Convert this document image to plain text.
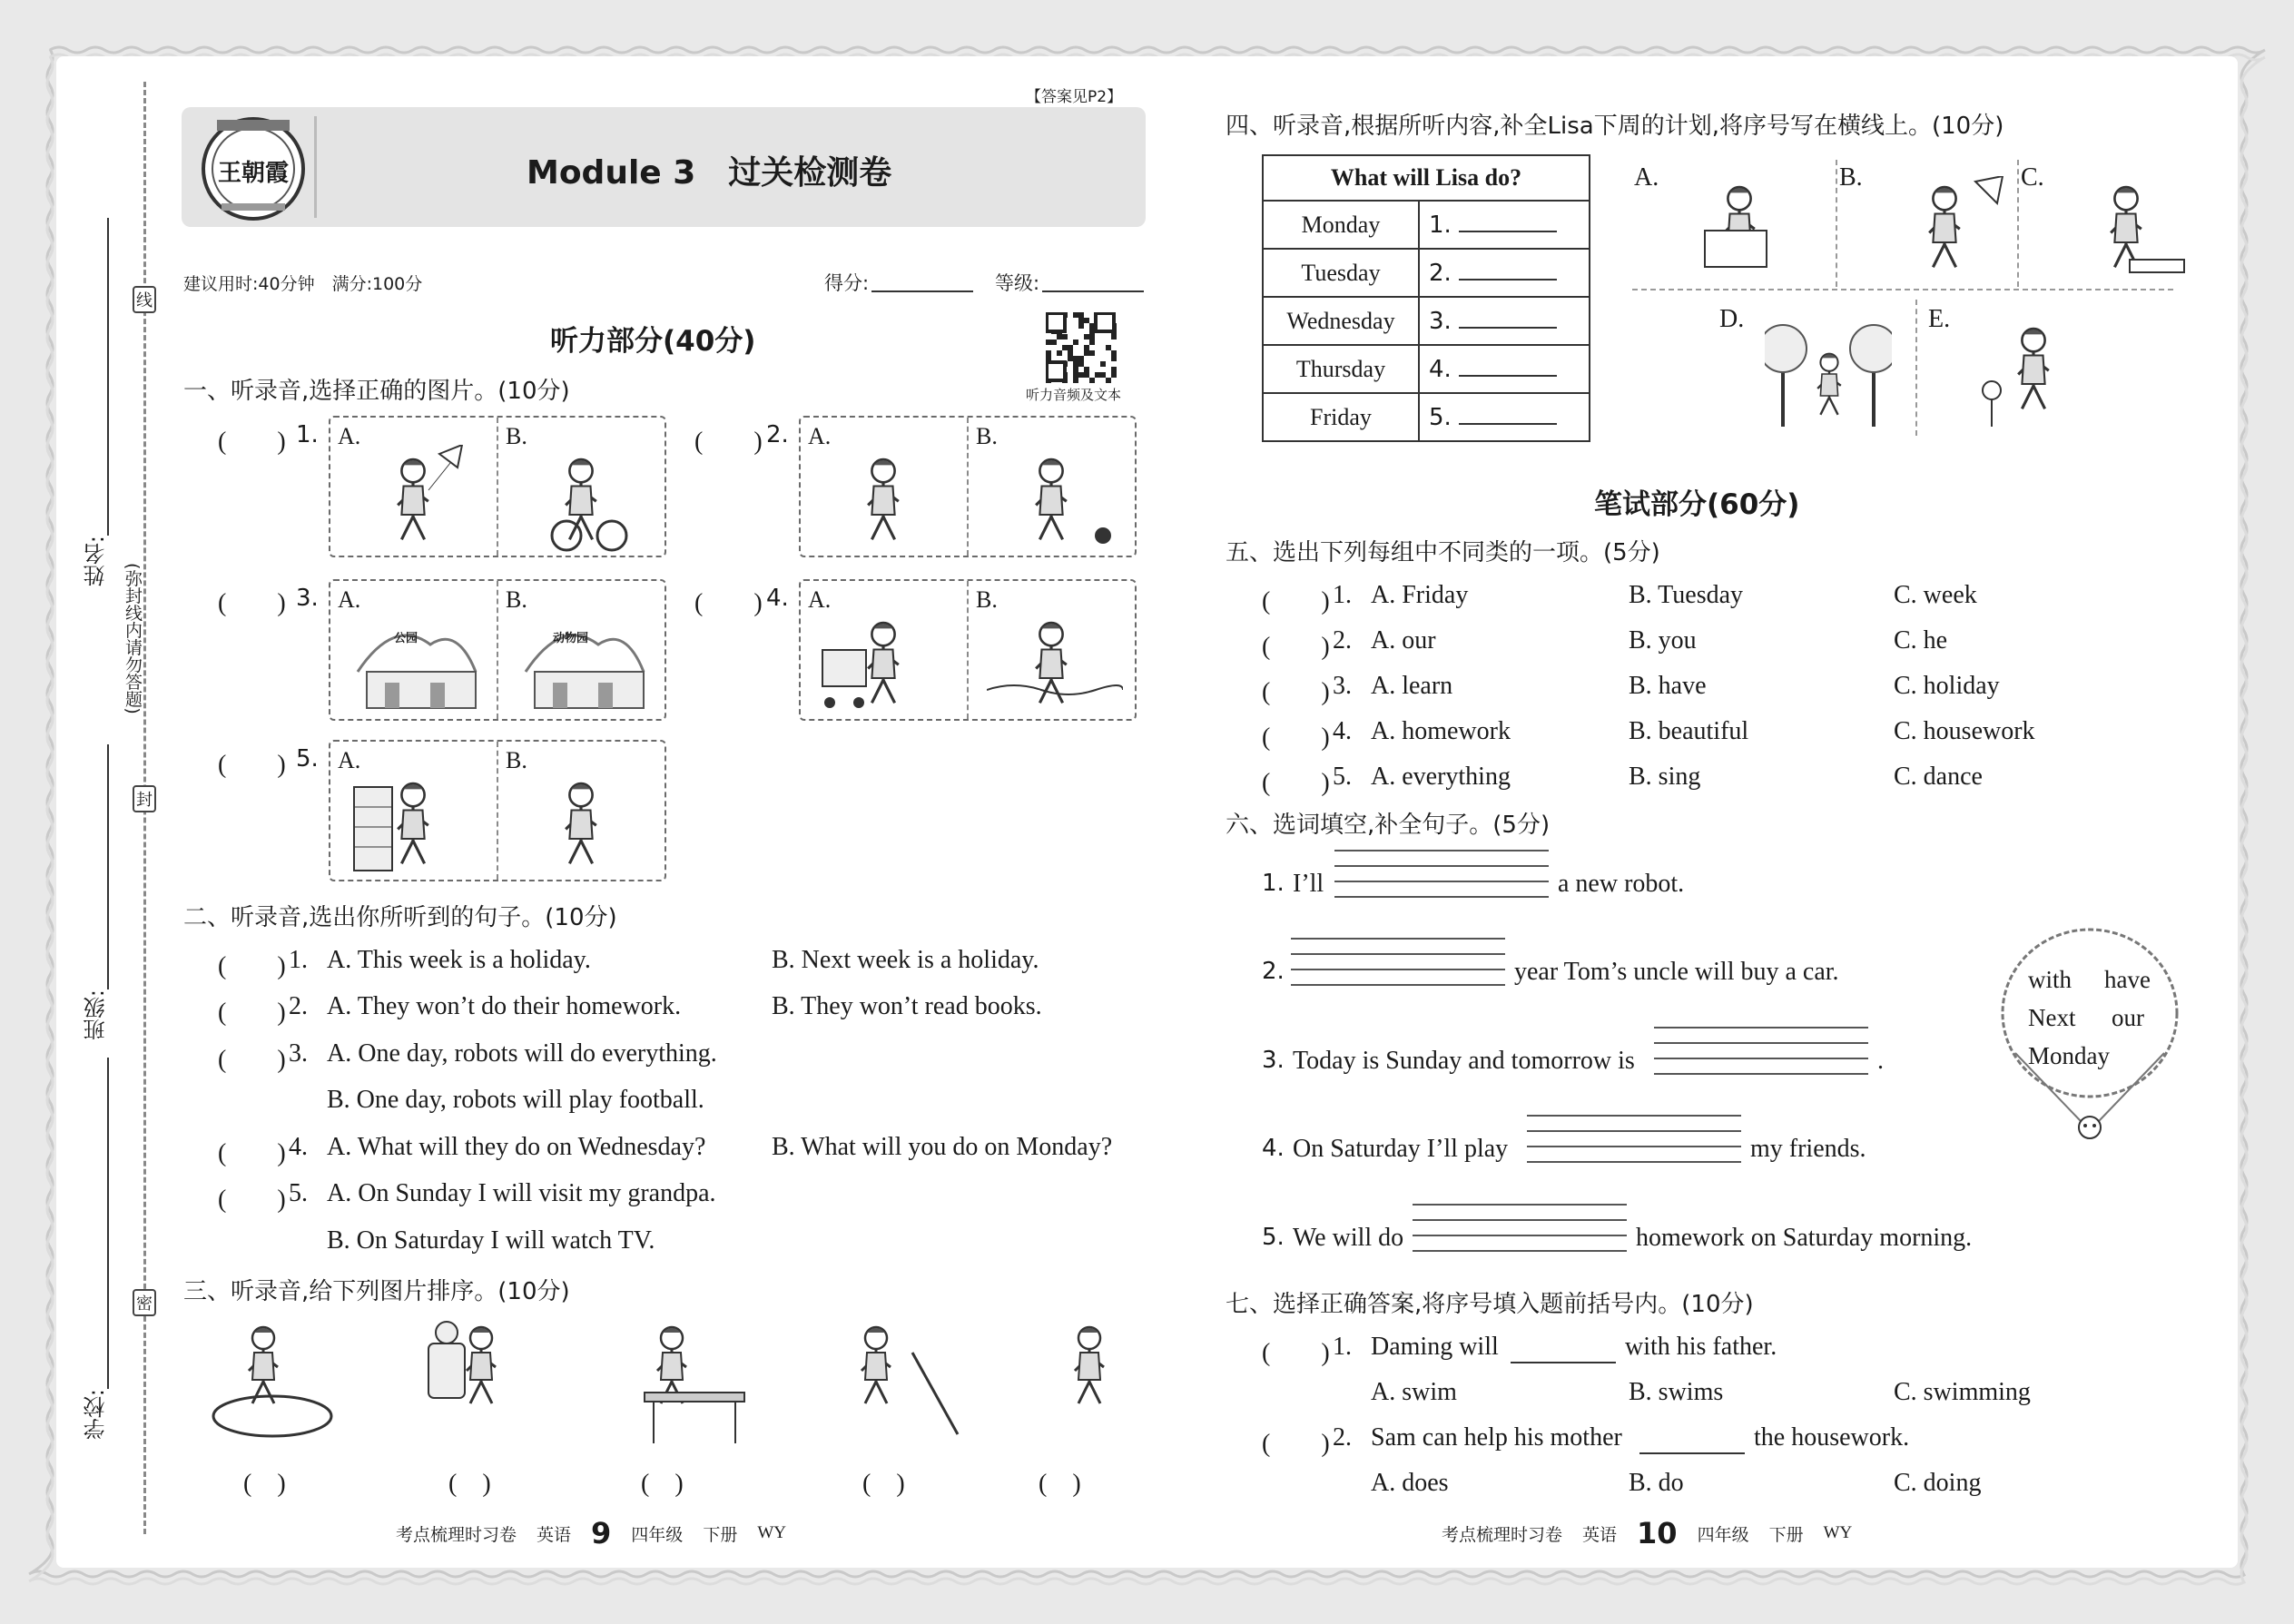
线
封
密
(弥封线内请勿答题)
姓名:
班级:
学校:
【答案见P2】
王朝霞	Module 3　过关检测卷
建议用时:40分钟　满分:100分	得分:	等级:
听力音频及文本
听力部分(40分)
一、听录音,选择正确的图片。(10分)
(　　) 1. A.	B.	(　　) 2. A.	B.
(　　) 3. A.
公园
B.
动物园
(　　) 4. A.	B.
(　　) 5. A.	B.
二、听录音,选出你所听到的句子。(10分)
(　　) 1. A. This week is a holiday.	B. Next week is a holiday.
(　　) 2. A. They won’t do their homework.	B. They won’t read books.
(　　) 3. A. One day, robots will do everything.
B. One day, robots will play football.
(　　) 4. A. What will they do on Wednesday?	B. What will you do on Monday?
(　　) 5. A. On Sunday I will visit my grandpa.
B. On Saturday I will watch TV.
三、听录音,给下列图片排序。(10分)
(　)	(　)	(　)	(　)	(　)
四、听录音,根据所听内容,补全Lisa下周的计划,将序号写在横线上。(10分)
What will Lisa do?	
Monday	1.
Tuesday	2.
Wednesday	3.
Thursday	4.
Friday	5.
A.	B.	C.
D.	E.
笔试部分(60分)
五、选出下列每组中不同类的一项。(5分)
(　　) 1. A. Friday	B. Tuesday	C. week
(　　) 2. A. our	B. you	C. he
(　　) 3. A. learn	B. have	C. holiday
(　　) 4. A. homework	B. beautiful	C. housework
(　　) 5. A. everything	B. sing	C. dance
六、选词填空,补全句子。(5分)
1. I’ll	a new robot.
2.	year Tom’s uncle will buy a car.
3. Today is Sunday and tomorrow is	.
4. On Saturday I’ll play	my friends.
5. We will do	homework on Saturday morning.
with have
Next our
Monday
七、选择正确答案,将序号填入题前括号内。(10分)
(　　) 1. Daming will	with his father.
A. swim	B. swims	C. swimming
(　　) 2. Sam can help his mother	the housework.
A. does	B. do	C. doing
考点梳理时习卷 英语 9 四年级 下册 WY	考点梳理时习卷 英语 10 四年级 下册 WY
